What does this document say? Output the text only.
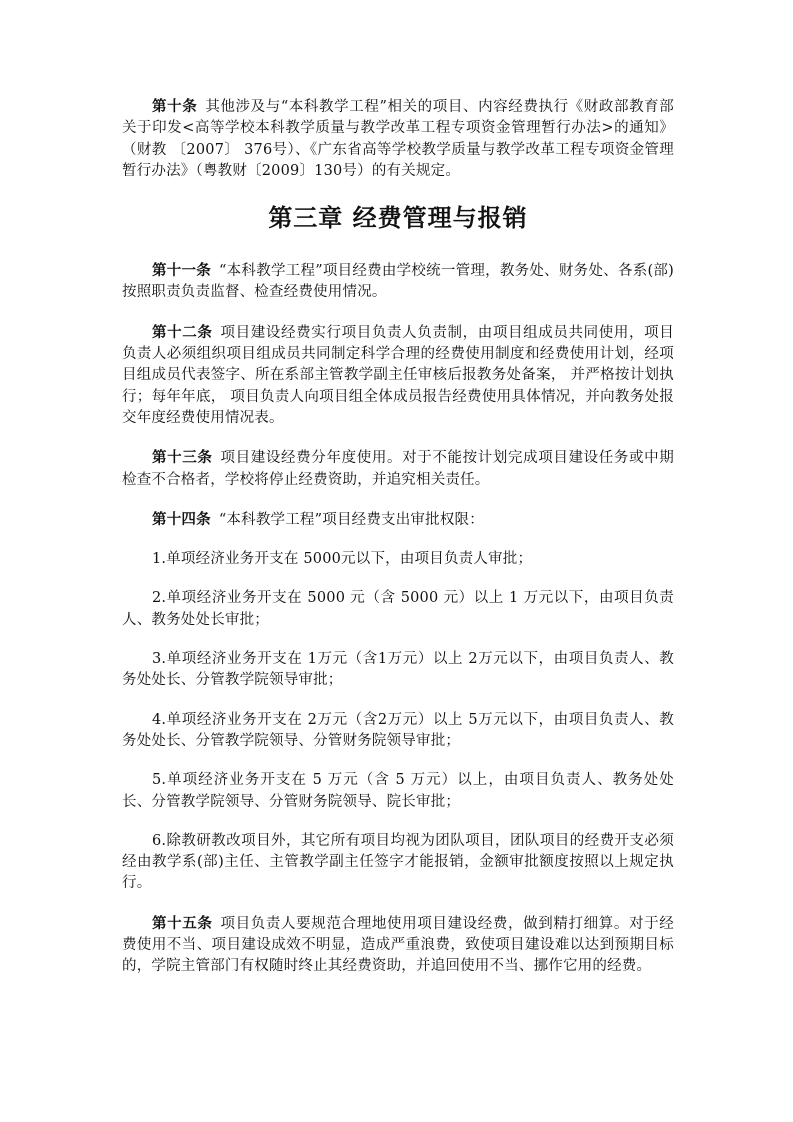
第十条 其他涉及与“本科教学工程”相关的项目、内容经费执行《财政部教育部关于印发<高等学校本科教学质量与教学改革工程专项资金管理暂行办法>的通知》（财教 〔2007〕 376号）、《广东省高等学校教学质量与教学改革工程专项资金管理暂行办法》（粤教财〔2009〕130号）的有关规定。

第三章 经费管理与报销

第十一条 “本科教学工程”项目经费由学校统一管理，教务处、财务处、各系(部)按照职责负责监督、检查经费使用情况。

第十二条 项目建设经费实行项目负责人负责制，由项目组成员共同使用，项目负责人必须组织项目组成员共同制定科学合理的经费使用制度和经费使用计划，经项目组成员代表签字、所在系部主管教学副主任审核后报教务处备案， 并严格按计划执行；每年年底， 项目负责人向项目组全体成员报告经费使用具体情况，并向教务处报交年度经费使用情况表。

第十三条 项目建设经费分年度使用。对于不能按计划完成项目建设任务或中期检查不合格者，学校将停止经费资助，并追究相关责任。

第十四条 “本科教学工程”项目经费支出审批权限：

1.单项经济业务开支在 5000元以下，由项目负责人审批；

2.单项经济业务开支在 5000 元（含 5000 元）以上 1 万元以下，由项目负责人、教务处处长审批；

3.单项经济业务开支在 1万元（含1万元）以上 2万元以下，由项目负责人、教务处处长、分管教学院领导审批；

4.单项经济业务开支在 2万元（含2万元）以上 5万元以下，由项目负责人、教务处处长、分管教学院领导、分管财务院领导审批；

5.单项经济业务开支在 5 万元（含 5 万元）以上，由项目负责人、教务处处长、分管教学院领导、分管财务院领导、院长审批；

6.除教研教改项目外，其它所有项目均视为团队项目，团队项目的经费开支必须经由教学系(部)主任、主管教学副主任签字才能报销，金额审批额度按照以上规定执行。

第十五条 项目负责人要规范合理地使用项目建设经费，做到精打细算。对于经费使用不当、项目建设成效不明显，造成严重浪费，致使项目建设难以达到预期目标的，学院主管部门有权随时终止其经费资助，并追回使用不当、挪作它用的经费。
